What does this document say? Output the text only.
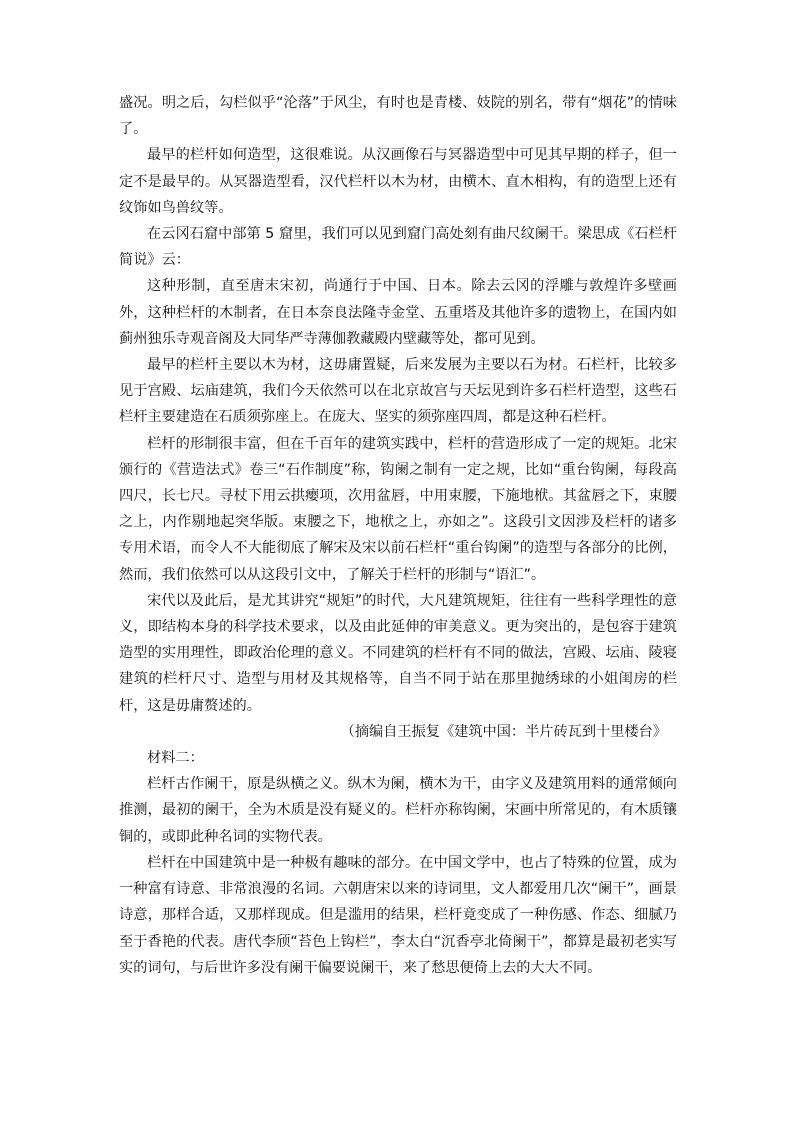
盛况。明之后，勾栏似乎“沦落”于风尘，有时也是青楼、妓院的别名，带有“烟花”的情味了。

最早的栏杆如何造型，这很难说。从汉画像石与冥器造型中可见其早期的样子，但一定不是最早的。从冥器造型看，汉代栏杆以木为材，由横木、直木相构，有的造型上还有纹饰如鸟兽纹等。

在云冈石窟中部第 5 窟里，我们可以见到窟门高处刻有曲尺纹阑干。梁思成《石栏杆简说》云：

这种形制，直至唐末宋初，尚通行于中国、日本。除去云冈的浮雕与敦煌许多壁画外，这种栏杆的木制者，在日本奈良法隆寺金堂、五重塔及其他许多的遗物上，在国内如蓟州独乐寺观音阁及大同华严寺薄伽教藏殿内壁藏等处，都可见到。

最早的栏杆主要以木为材，这毋庸置疑，后来发展为主要以石为材。石栏杆，比较多见于宫殿、坛庙建筑，我们今天依然可以在北京故宫与天坛见到许多石栏杆造型，这些石栏杆主要建造在石质须弥座上。在庞大、坚实的须弥座四周，都是这种石栏杆。

栏杆的形制很丰富，但在千百年的建筑实践中，栏杆的营造形成了一定的规矩。北宋颁行的《营造法式》卷三“石作制度”称，钩阑之制有一定之规，比如“重台钩阑，每段高四尺，长七尺。寻杖下用云拱瘿项，次用盆唇，中用束腰，下施地栿。其盆唇之下，束腰之上，内作剔地起突华版。束腰之下，地栿之上，亦如之”。这段引文因涉及栏杆的诸多专用术语，而令人不大能彻底了解宋及宋以前石栏杆“重台钩阑”的造型与各部分的比例，然而，我们依然可以从这段引文中，了解关于栏杆的形制与“语汇”。

宋代以及此后，是尤其讲究“规矩”的时代，大凡建筑规矩，往往有一些科学理性的意义，即结构本身的科学技术要求，以及由此延伸的审美意义。更为突出的，是包容于建筑造型的实用理性，即政治伦理的意义。不同建筑的栏杆有不同的做法，宫殿、坛庙、陵寝建筑的栏杆尺寸、造型与用材及其规格等，自当不同于站在那里抛绣球的小姐闺房的栏杆，这是毋庸赘述的。

（摘编自王振复《建筑中国：半片砖瓦到十里楼台》

材料二：

栏杆古作阑干，原是纵横之义。纵木为阑，横木为干，由字义及建筑用料的通常倾向推测，最初的阑干，全为木质是没有疑义的。栏杆亦称钩阑，宋画中所常见的，有木质镶铜的，或即此种名词的实物代表。

栏杆在中国建筑中是一种极有趣味的部分。在中国文学中，也占了特殊的位置，成为一种富有诗意、非常浪漫的名词。六朝唐宋以来的诗词里，文人都爱用几次“阑干”，画景诗意，那样合适，又那样现成。但是滥用的结果，栏杆竟变成了一种伤感、作态、细腻乃至于香艳的代表。唐代李颀“苔色上钩栏”，李太白“沉香亭北倚阑干”，都算是最初老实写实的词句，与后世许多没有阑干偏要说阑干，来了愁思便倚上去的大大不同。
